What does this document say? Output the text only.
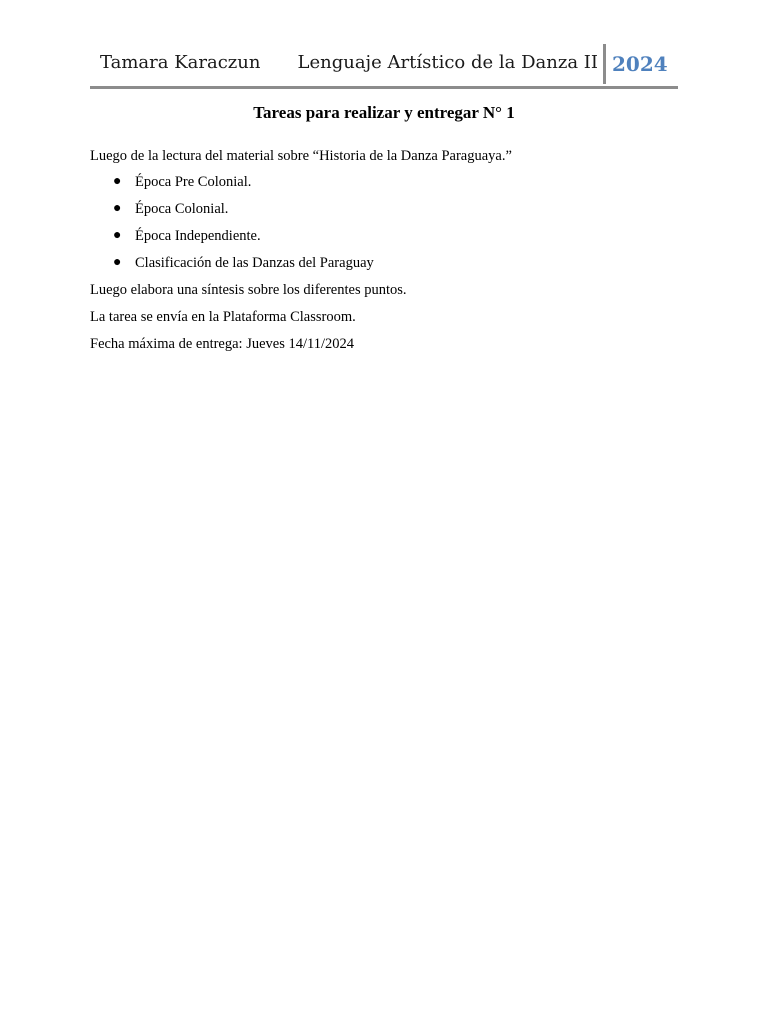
Tamara Karaczun Lenguaje Artístico de la Danza II 2024
Tareas para realizar y entregar N° 1
Luego de la lectura del material sobre “Historia de la Danza Paraguaya.”
● Época Pre Colonial.
● Época Colonial.
● Época Independiente.
● Clasificación de las Danzas del Paraguay
Luego elabora una síntesis sobre los diferentes puntos.
La tarea se envía en la Plataforma Classroom.
Fecha máxima de entrega: Jueves 14/11/2024
